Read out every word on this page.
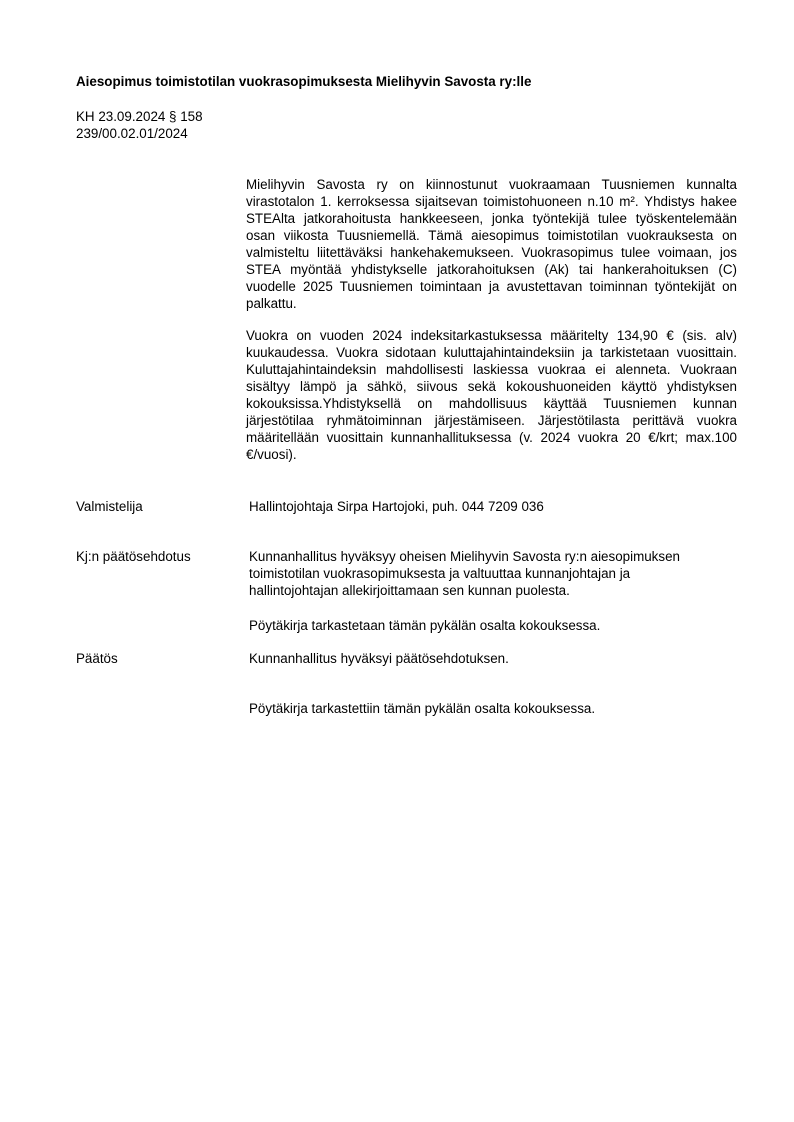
Aiesopimus toimistotilan vuokrasopimuksesta Mielihyvin Savosta ry:lle
KH 23.09.2024 § 158
239/00.02.01/2024

Mielihyvin Savosta ry on kiinnostunut vuokraamaan Tuusniemen kunnalta virastotalon 1. kerroksessa sijaitsevan toimistohuoneen n.10 m². Yhdistys hakee STEAlta jatkorahoitusta hankkeeseen, jonka työntekijä tulee työskentelemään osan viikosta Tuusniemellä. Tämä aiesopimus toimistotilan vuokrauksesta on valmisteltu liitettäväksi hankehakemukseen. Vuokrasopimus tulee voimaan, jos STEA myöntää yhdistykselle jatkorahoituksen (Ak) tai hankerahoituksen (C) vuodelle 2025 Tuusniemen toimintaan ja avustettavan toiminnan työntekijät on palkattu.

Vuokra on vuoden 2024 indeksitarkastuksessa määritelty 134,90 € (sis. alv) kuukaudessa. Vuokra sidotaan kuluttajahintaindeksiin ja tarkistetaan vuosittain. Kuluttajahintaindeksin mahdollisesti laskiessa vuokraa ei alenneta. Vuokraan sisältyy lämpö ja sähkö, siivous sekä kokoushuoneiden käyttö yhdistyksen kokouksissa.Yhdistyksellä on mahdollisuus käyttää Tuusniemen kunnan järjestötilaa ryhmätoiminnan järjestämiseen. Järjestötilasta perittävä vuokra määritellään vuosittain kunnanhallituksessa (v. 2024 vuokra 20 €/krt; max.100 €/vuosi).

Valmistelija	Hallintojohtaja Sirpa Hartojoki, puh. 044 7209 036
Kj:n päätösehdotus	Kunnanhallitus hyväksyy oheisen Mielihyvin Savosta ry:n aiesopimuksen
toimistotilan vuokrasopimuksesta ja valtuuttaa kunnanjohtajan ja
hallintojohtajan allekirjoittamaan sen kunnan puolesta.
Pöytäkirja tarkastetaan tämän pykälän osalta kokouksessa.
Päätös	Kunnanhallitus hyväksyi päätösehdotuksen.
Pöytäkirja tarkastettiin tämän pykälän osalta kokouksessa.
